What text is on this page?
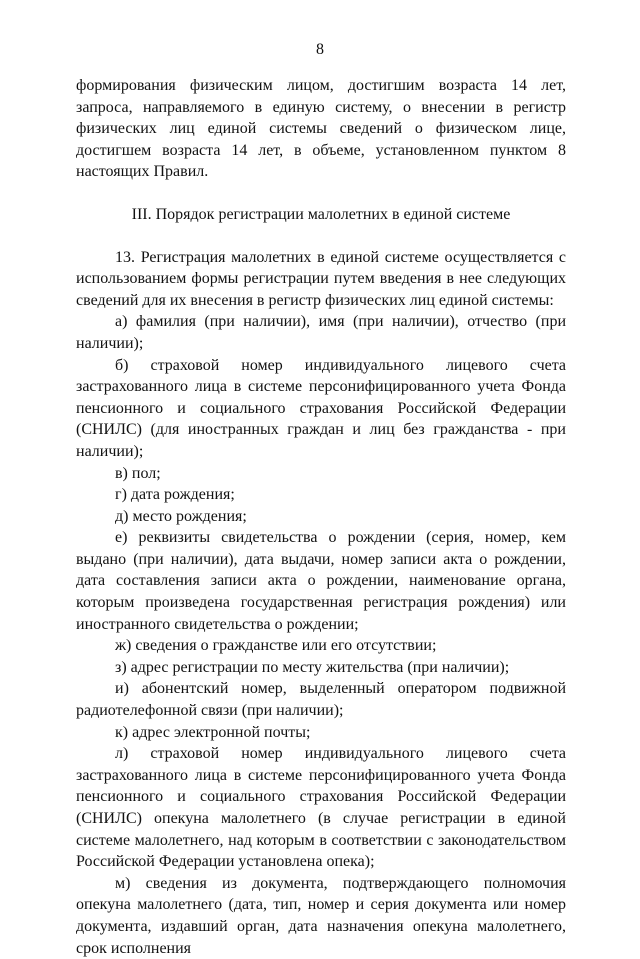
8

формирования физическим лицом, достигшим возраста 14 лет, запроса, направляемого в единую систему, о внесении в регистр физических лиц единой системы сведений о физическом лице, достигшем возраста 14 лет, в объеме, установленном пунктом 8 настоящих Правил.

III. Порядок регистрации малолетних в единой системе

13. Регистрация малолетних в единой системе осуществляется с использованием формы регистрации путем введения в нее следующих сведений для их внесения в регистр физических лиц единой системы:

а) фамилия (при наличии), имя (при наличии), отчество (при наличии);

б) страховой номер индивидуального лицевого счета застрахованного лица в системе персонифицированного учета Фонда пенсионного и социального страхования Российской Федерации (СНИЛС) (для иностранных граждан и лиц без гражданства - при наличии);

в) пол;

г) дата рождения;

д) место рождения;

е) реквизиты свидетельства о рождении (серия, номер, кем выдано (при наличии), дата выдачи, номер записи акта о рождении, дата составления записи акта о рождении, наименование органа, которым произведена государственная регистрация рождения) или иностранного свидетельства о рождении;

ж) сведения о гражданстве или его отсутствии;

з) адрес регистрации по месту жительства (при наличии);

и) абонентский номер, выделенный оператором подвижной радиотелефонной связи (при наличии);

к) адрес электронной почты;

л) страховой номер индивидуального лицевого счета застрахованного лица в системе персонифицированного учета Фонда пенсионного и социального страхования Российской Федерации (СНИЛС) опекуна малолетнего (в случае регистрации в единой системе малолетнего, над которым в соответствии с законодательством Российской Федерации установлена опека);

м) сведения из документа, подтверждающего полномочия опекуна малолетнего (дата, тип, номер и серия документа или номер документа, издавший орган, дата назначения опекуна малолетнего, срок исполнения
